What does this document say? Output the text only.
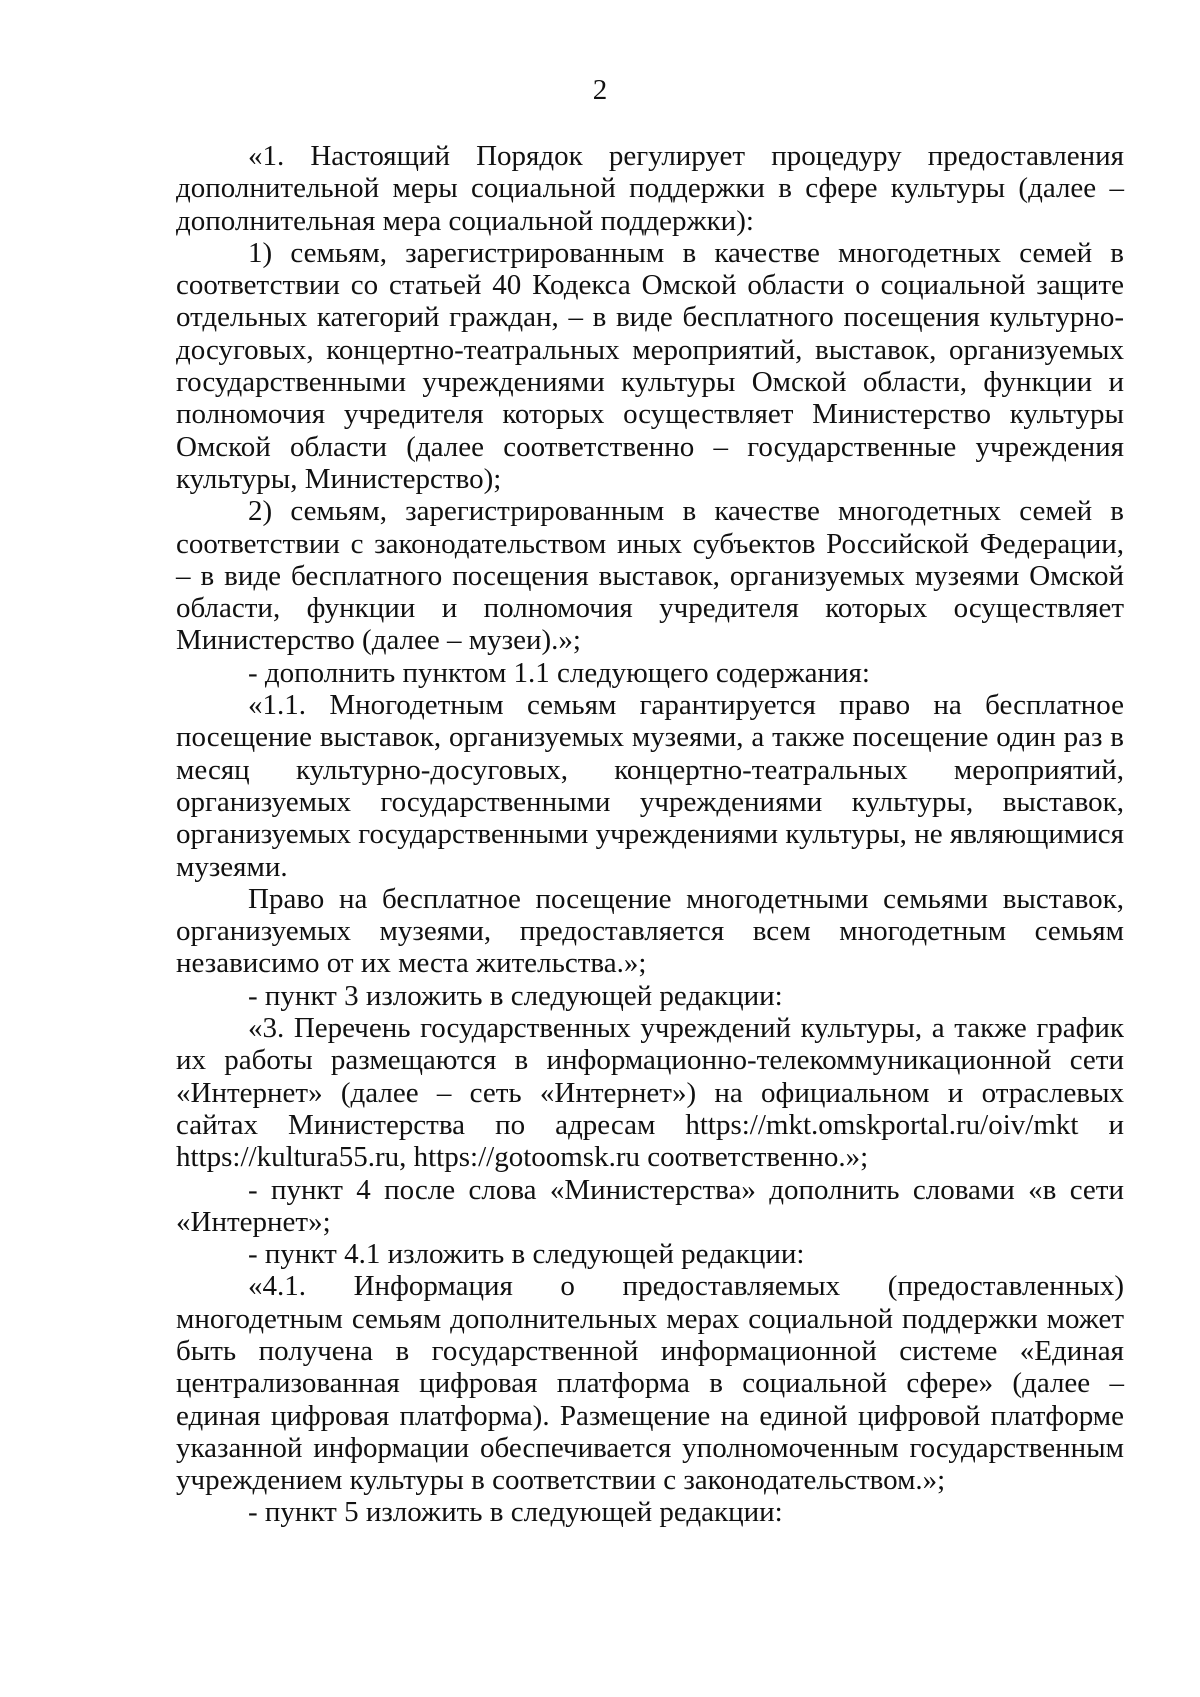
2

«1. Настоящий Порядок регулирует процедуру предоставления дополнительной меры социальной поддержки в сфере культуры (далее – дополнительная мера социальной поддержки):

1) семьям, зарегистрированным в качестве многодетных семей в соответствии со статьей 40 Кодекса Омской области о социальной защите отдельных категорий граждан, – в виде бесплатного посещения культурно-досуговых, концертно-театральных мероприятий, выставок, организуемых государственными учреждениями культуры Омской области, функции и полномочия учредителя которых осуществляет Министерство культуры Омской области (далее соответственно – государственные учреждения культуры, Министерство);

2) семьям, зарегистрированным в качестве многодетных семей в соответствии с законодательством иных субъектов Российской Федерации, – в виде бесплатного посещения выставок, организуемых музеями Омской области, функции и полномочия учредителя которых осуществляет Министерство (далее – музеи).»;

- дополнить пунктом 1.1 следующего содержания:

«1.1. Многодетным семьям гарантируется право на бесплатное посещение выставок, организуемых музеями, а также посещение один раз в месяц культурно-досуговых, концертно-театральных мероприятий, организуемых государственными учреждениями культуры, выставок, организуемых государственными учреждениями культуры, не являющимися музеями.

Право на бесплатное посещение многодетными семьями выставок, организуемых музеями, предоставляется всем многодетным семьям независимо от их места жительства.»;

- пункт 3 изложить в следующей редакции:

«3. Перечень государственных учреждений культуры, а также график их работы размещаются в информационно-телекоммуникационной сети «Интернет» (далее – сеть «Интернет») на официальном и отраслевых сайтах Министерства по адресам https://mkt.omskportal.ru/oiv/mkt и https://kultura55.ru, https://gotoomsk.ru соответственно.»;

- пункт 4 после слова «Министерства» дополнить словами «в сети «Интернет»;

- пункт 4.1 изложить в следующей редакции:

«4.1. Информация о предоставляемых (предоставленных) многодетным семьям дополнительных мерах социальной поддержки может быть получена в государственной информационной системе «Единая централизованная цифровая платформа в социальной сфере» (далее – единая цифровая платформа). Размещение на единой цифровой платформе указанной информации обеспечивается уполномоченным государственным учреждением культуры в соответствии с законодательством.»;

- пункт 5 изложить в следующей редакции:
